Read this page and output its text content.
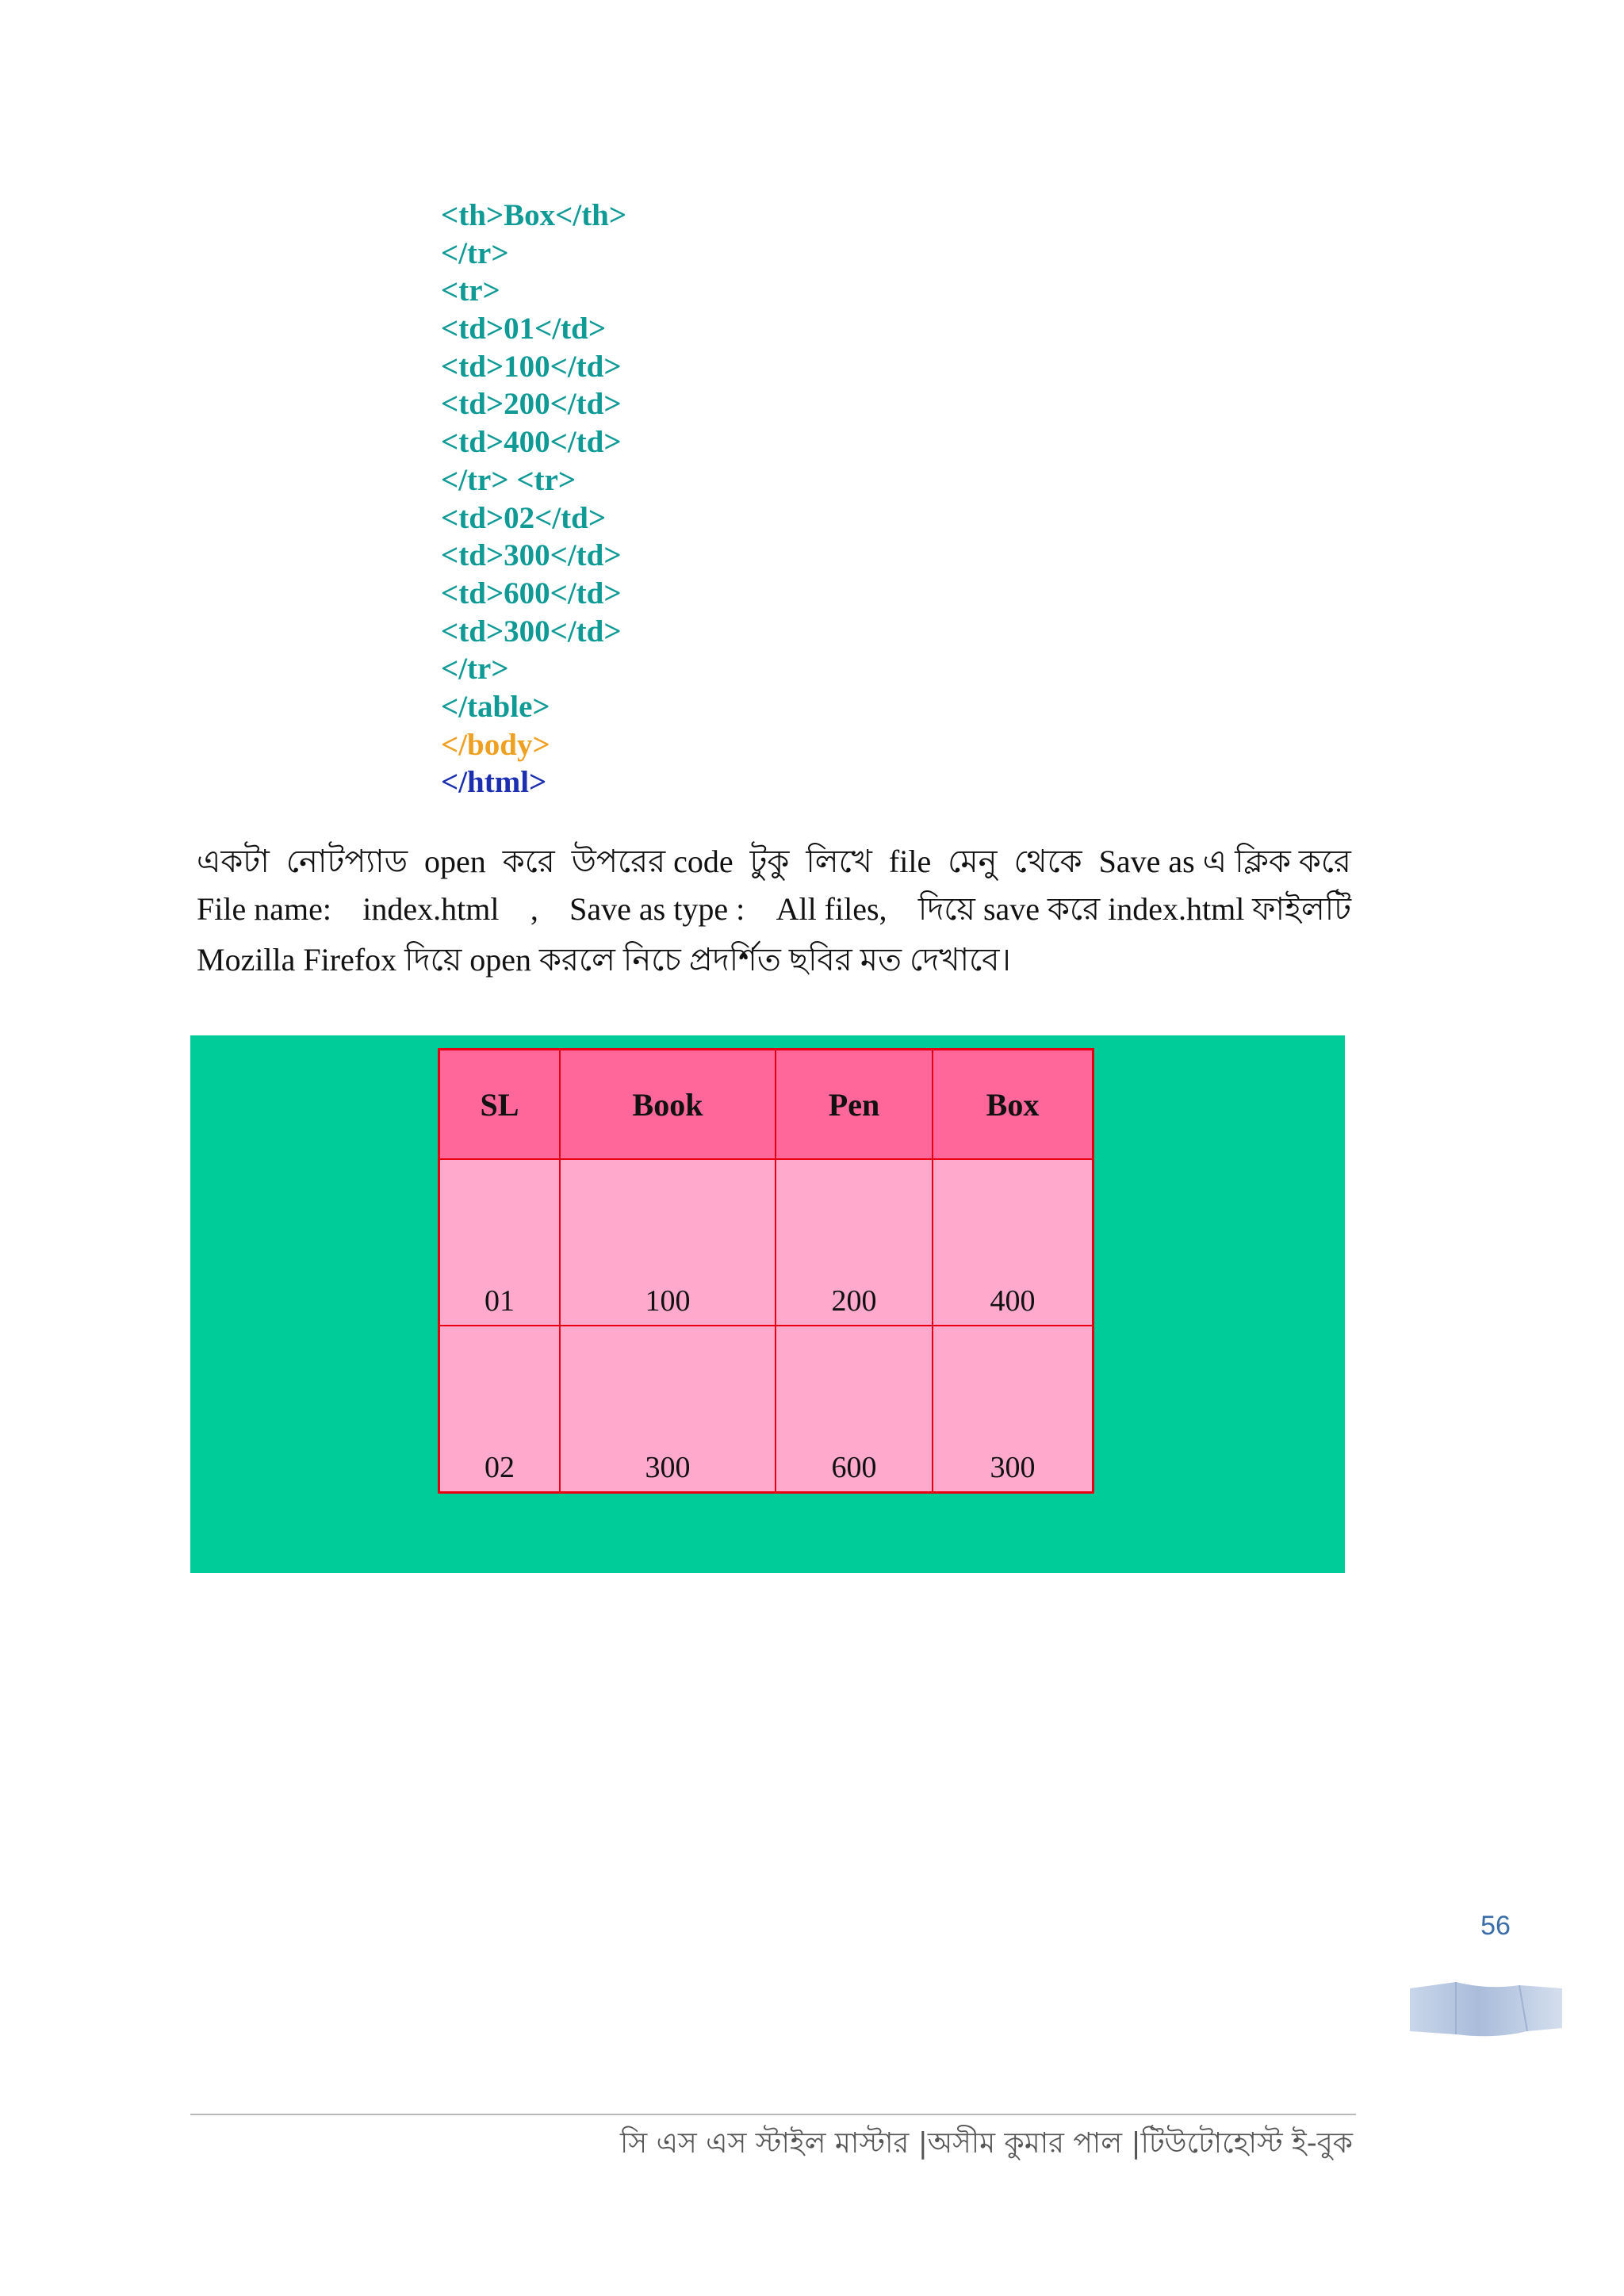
<th>Box</th>
</tr>
<tr>
<td>01</td>
<td>100</td>
<td>200</td>
<td>400</td>
</tr> <tr>
<td>02</td>
<td>300</td>
<td>600</td>
<td>300</td>
</tr>
</table>
</body>
</html>
একটা নোটপ্যাড open করে উপরের code টুকু লিখে file মেনু থেকে Save as এ ক্লিক করে
File name: index.html , Save as type : All files, দিয়ে save করে index.html ফাইলটি
Mozilla Firefox দিয়ে open করলে নিচে প্রদর্শিত ছবির মত দেখাবে।
SL	Book	Pen	Box
01	100	200	400
02	300	600	300
56
সি এস এস স্টাইল মাস্টার |অসীম কুমার পাল |টিউটোহোস্ট ই-বুক
